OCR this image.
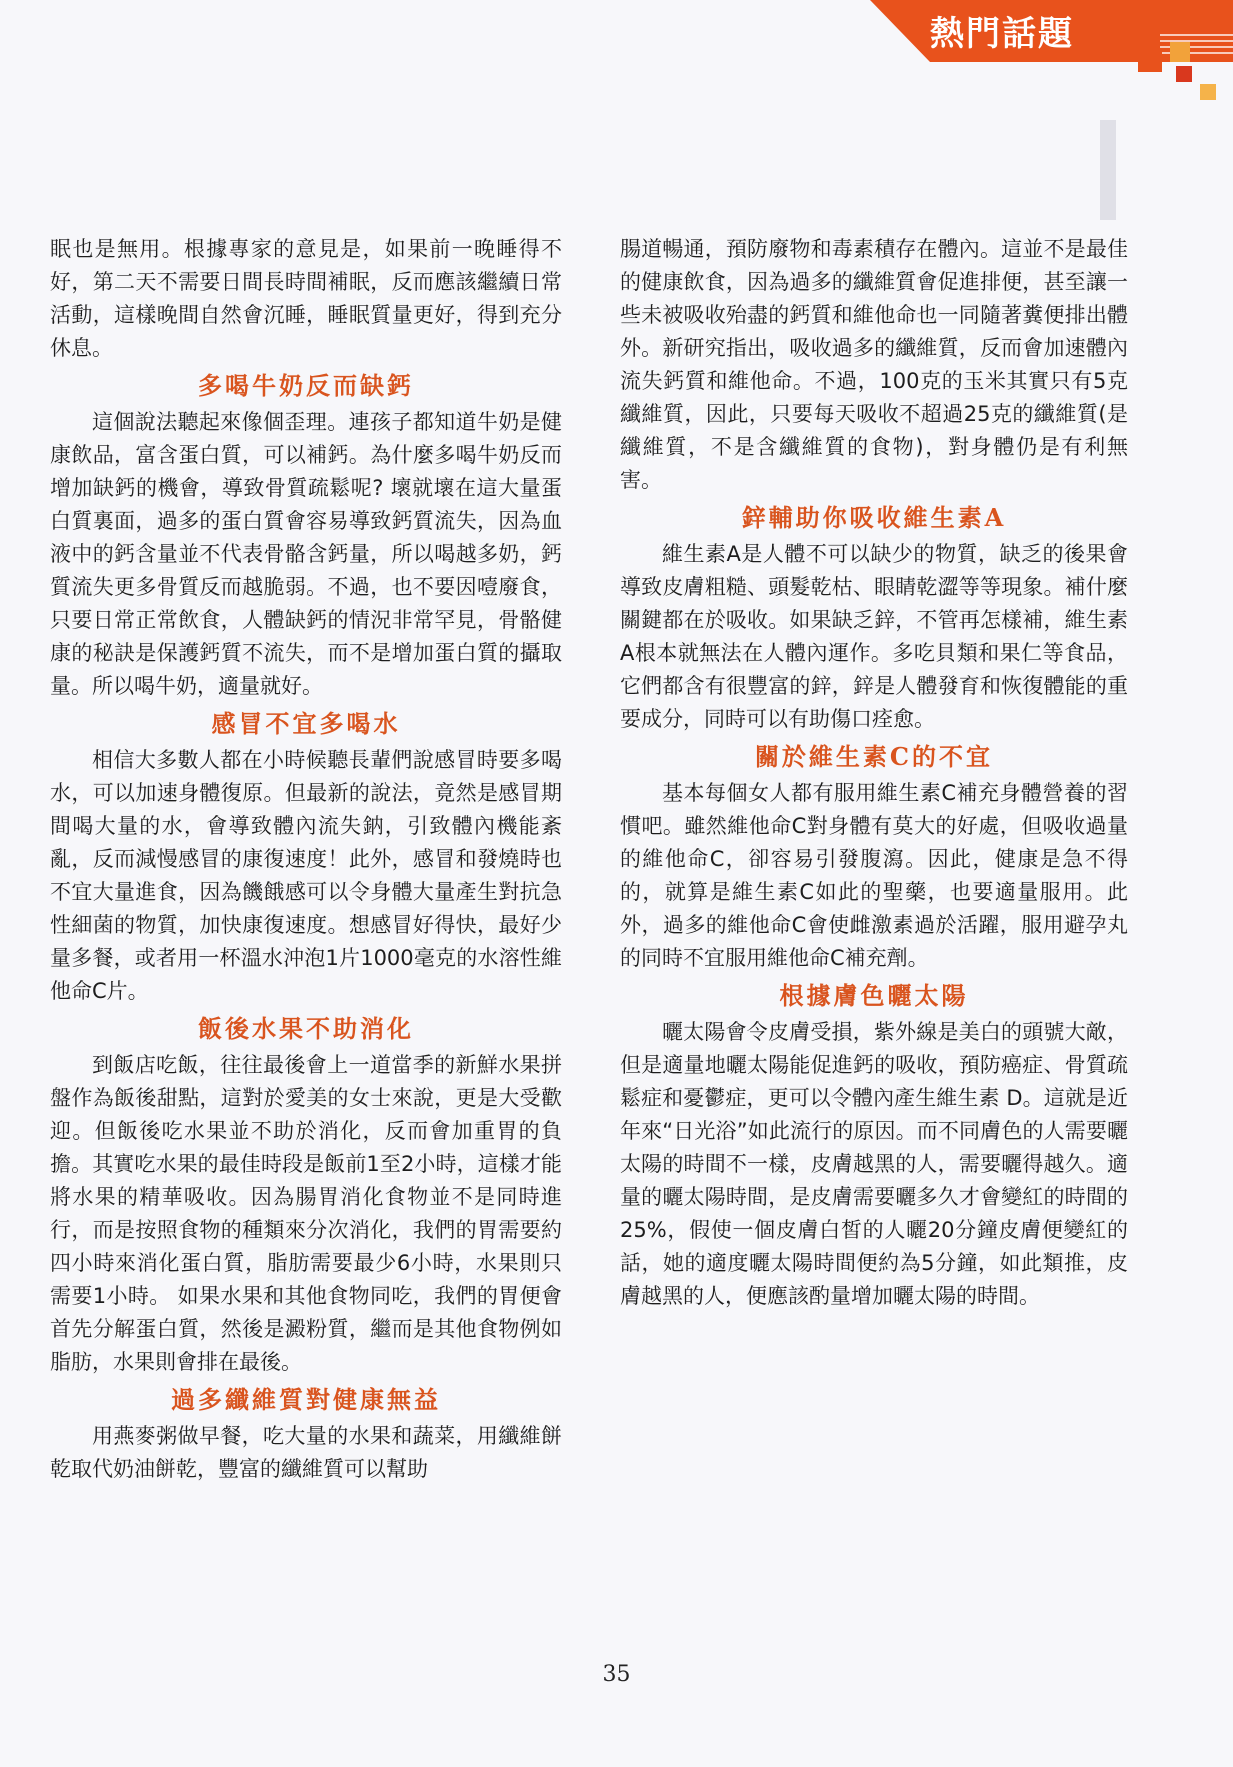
熱門話題

眠也是無用。根據專家的意見是，如果前一晚睡得不好，第二天不需要日間長時間補眠，反而應該繼續日常活動，這樣晚間自然會沉睡，睡眠質量更好，得到充分休息。

多喝牛奶反而缺鈣

這個說法聽起來像個歪理。連孩子都知道牛奶是健康飲品，富含蛋白質，可以補鈣。為什麼多喝牛奶反而增加缺鈣的機會，導致骨質疏鬆呢? 壞就壞在這大量蛋白質裏面，過多的蛋白質會容易導致鈣質流失，因為血液中的鈣含量並不代表骨骼含鈣量，所以喝越多奶，鈣質流失更多骨質反而越脆弱。不過，也不要因噎廢食，只要日常正常飲食，人體缺鈣的情況非常罕見，骨骼健康的秘訣是保護鈣質不流失，而不是增加蛋白質的攝取量。所以喝牛奶，適量就好。

感冒不宜多喝水

相信大多數人都在小時候聽長輩們說感冒時要多喝水，可以加速身體復原。但最新的說法，竟然是感冒期間喝大量的水，會導致體內流失鈉，引致體內機能紊亂，反而減慢感冒的康復速度！此外，感冒和發燒時也不宜大量進食，因為饑餓感可以令身體大量產生對抗急性細菌的物質，加快康復速度。想感冒好得快，最好少量多餐，或者用一杯溫水沖泡1片1000毫克的水溶性維他命C片。

飯後水果不助消化

到飯店吃飯，往往最後會上一道當季的新鮮水果拼盤作為飯後甜點，這對於愛美的女士來說，更是大受歡迎。但飯後吃水果並不助於消化，反而會加重胃的負擔。其實吃水果的最佳時段是飯前1至2小時，這樣才能將水果的精華吸收。因為腸胃消化食物並不是同時進行，而是按照食物的種類來分次消化，我們的胃需要約四小時來消化蛋白質，脂肪需要最少6小時，水果則只需要1小時。 如果水果和其他食物同吃，我們的胃便會首先分解蛋白質，然後是澱粉質，繼而是其他食物例如脂肪，水果則會排在最後。

過多纖維質對健康無益

用燕麥粥做早餐，吃大量的水果和蔬菜，用纖維餅乾取代奶油餅乾，豐富的纖維質可以幫助

腸道暢通，預防廢物和毒素積存在體內。這並不是最佳的健康飲食，因為過多的纖維質會促進排便，甚至讓一些未被吸收殆盡的鈣質和維他命也一同隨著糞便排出體外。新研究指出，吸收過多的纖維質，反而會加速體內流失鈣質和維他命。不過，100克的玉米其實只有5克纖維質，因此，只要每天吸收不超過25克的纖維質(是纖維質，不是含纖維質的食物)，對身體仍是有利無害。

鋅輔助你吸收維生素A

維生素A是人體不可以缺少的物質，缺乏的後果會導致皮膚粗糙、頭髮乾枯、眼睛乾澀等等現象。補什麼關鍵都在於吸收。如果缺乏鋅，不管再怎樣補，維生素A根本就無法在人體內運作。多吃貝類和果仁等食品，它們都含有很豐富的鋅，鋅是人體發育和恢復體能的重要成分，同時可以有助傷口痊愈。

關於維生素C的不宜

基本每個女人都有服用維生素C補充身體營養的習慣吧。雖然維他命C對身體有莫大的好處，但吸收過量的維他命C，卻容易引發腹瀉。因此，健康是急不得的，就算是維生素C如此的聖藥，也要適量服用。此外，過多的維他命C會使雌激素過於活躍，服用避孕丸的同時不宜服用維他命C補充劑。

根據膚色曬太陽

曬太陽會令皮膚受損，紫外線是美白的頭號大敵，但是適量地曬太陽能促進鈣的吸收，預防癌症、骨質疏鬆症和憂鬱症，更可以令體內產生維生素 D。這就是近年來“日光浴”如此流行的原因。而不同膚色的人需要曬太陽的時間不一樣，皮膚越黑的人，需要曬得越久。適量的曬太陽時間，是皮膚需要曬多久才會變紅的時間的25%，假使一個皮膚白皙的人曬20分鐘皮膚便變紅的話，她的適度曬太陽時間便約為5分鐘，如此類推，皮膚越黑的人，便應該酌量增加曬太陽的時間。

35
